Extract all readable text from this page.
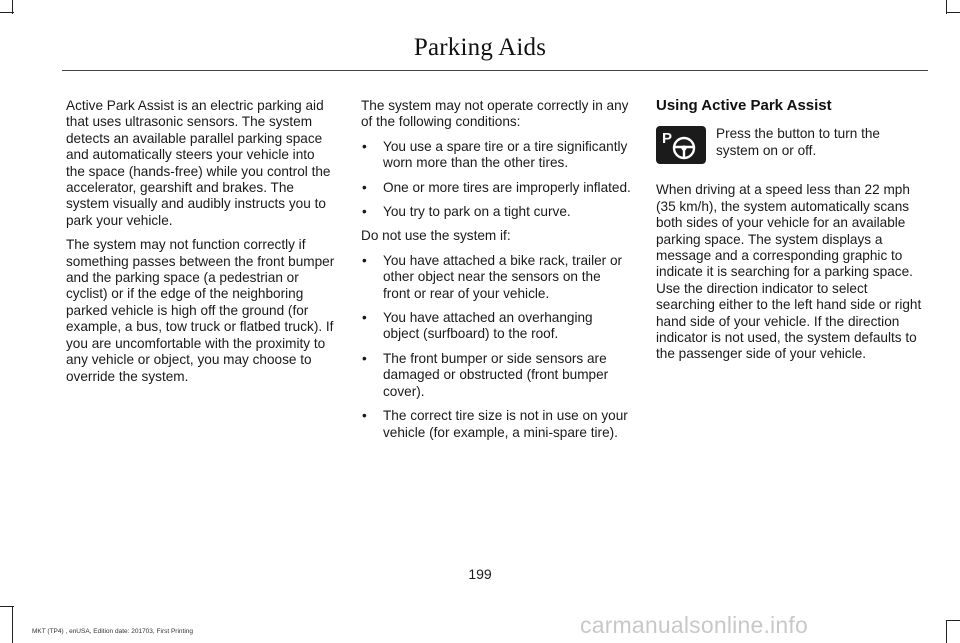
Parking Aids

Active Park Assist is an electric parking aid that uses ultrasonic sensors. The system detects an available parallel parking space and automatically steers your vehicle into the space (hands-free) while you control the accelerator, gearshift and brakes. The system visually and audibly instructs you to park your vehicle.

The system may not function correctly if something passes between the front bumper and the parking space (a pedestrian or cyclist) or if the edge of the neighboring parked vehicle is high off the ground (for example, a bus, tow truck or flatbed truck). If you are uncomfortable with the proximity to any vehicle or object, you may choose to override the system.

The system may not operate correctly in any of the following conditions:

• You use a spare tire or a tire significantly worn more than the other tires.
• One or more tires are improperly inflated.
• You try to park on a tight curve.

Do not use the system if:

• You have attached a bike rack, trailer or other object near the sensors on the front or rear of your vehicle.
• You have attached an overhanging object (surfboard) to the roof.
• The front bumper or side sensors are damaged or obstructed (front bumper cover).
• The correct tire size is not in use on your vehicle (for example, a mini-spare tire).
Using Active Park Assist
P	Press the button to turn the system on or off.

When driving at a speed less than 22 mph (35 km/h), the system automatically scans both sides of your vehicle for an available parking space. The system displays a message and a corresponding graphic to indicate it is searching for a parking space. Use the direction indicator to select searching either to the left hand side or right hand side of your vehicle. If the direction indicator is not used, the system defaults to the passenger side of your vehicle.

199
MKT (TP4) , enUSA, Edition date: 201703, First Printing	carmanualsonline.info
